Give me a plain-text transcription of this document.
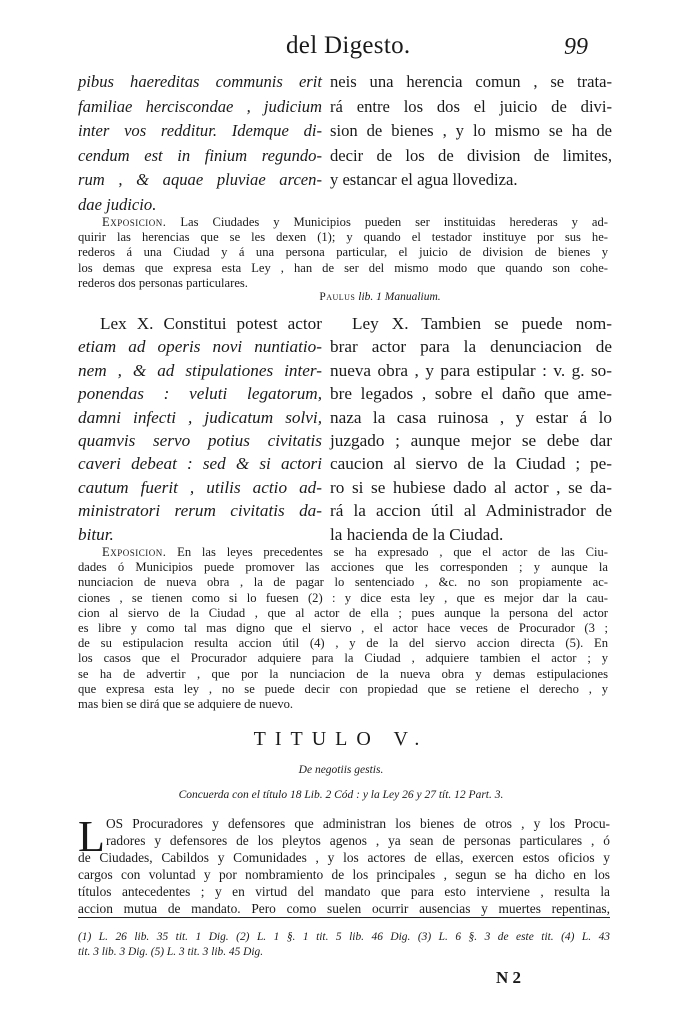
del Digesto.	99
pibus haereditas communis erit
familiae herciscondae , judicium
inter vos redditur. Idemque di-
cendum est in finium regundo-
rum , & aquae pluviae arcen-
dae judicio.
neis una herencia comun , se trata-
rá entre los dos el juicio de divi-
sion de bienes , y lo mismo se ha de
decir de los de division de limites,
y estancar el agua llovediza.
Exposicion. Las Ciudades y Municipios pueden ser instituidas herederas y ad-
quirir las herencias que se les dexen (1); y quando el testador instituye por sus he-
rederos á una Ciudad y á una persona particular, el juicio de division de bienes y
los demas que expresa esta Ley , han de ser del mismo modo que quando son cohe-
rederos dos personas particulares.
Paulus lib. 1 Manualium.
Lex X. Constitui potest actor
etiam ad operis novi nuntiatio-
nem , & ad stipulationes inter-
ponendas : veluti legatorum,
damni infecti , judicatum solvi,
quamvis servo potius civitatis
caveri debeat : sed & si actori
cautum fuerit , utilis actio ad-
ministratori rerum civitatis da-
bitur.
Ley X. Tambien se puede nom-
brar actor para la denunciacion de
nueva obra , y para estipular : v. g. so-
bre legados , sobre el daño que ame-
naza la casa ruinosa , y estar á lo
juzgado ; aunque mejor se debe dar
caucion al siervo de la Ciudad ; pe-
ro si se hubiese dado al actor , se da-
rá la accion útil al Administrador de
la hacienda de la Ciudad.
Exposicion. En las leyes precedentes se ha expresado , que el actor de las Ciu-
dades ó Municipios puede promover las acciones que les corresponden ; y aunque la
nunciacion de nueva obra , la de pagar lo sentenciado , &c. no son propiamente ac-
ciones , se tienen como si lo fuesen (2) : y dice esta ley , que es mejor dar la cau-
cion al siervo de la Ciudad , que al actor de ella ; pues aunque la persona del actor
es libre y como tal mas digno que el siervo , el actor hace veces de Procurador (3 ;
de su estipulacion resulta accion útil (4) , y de la del siervo accion directa (5). En
los casos que el Procurador adquiere para la Ciudad , adquiere tambien el actor ; y
se ha de advertir , que por la nunciacion de la nueva obra y demas estipulaciones
que expresa esta ley , no se puede decir con propiedad que se retiene el derecho , y
mas bien se dirá que se adquiere de nuevo.
TITULO V.
De negotiis gestis.
Concuerda con el título 18 Lib. 2 Cód : y la Ley 26 y 27 tít. 12 Part. 3.
L OS Procuradores y defensores que administran los bienes de otros , y los Procu-
radores y defensores de los pleytos agenos , ya sean de personas particulares , ó
de Ciudades, Cabildos y Comunidades , y los actores de ellas, exercen estos oficios y
cargos con voluntad y por nombramiento de los principales , segun se ha dicho en los
títulos antecedentes ; y en virtud del mandato que para esto interviene , resulta la
accion mutua de mandato. Pero como suelen ocurrir ausencias y muertes repentinas,
(1) L. 26 lib. 35 tit. 1 Dig. (2) L. 1 §. 1 tit. 5 lib. 46 Dig. (3) L. 6 §. 3 de este tit. (4) L. 43
tit. 3 lib. 3 Dig. (5) L. 3 tit. 3 lib. 45 Dig.
N 2
